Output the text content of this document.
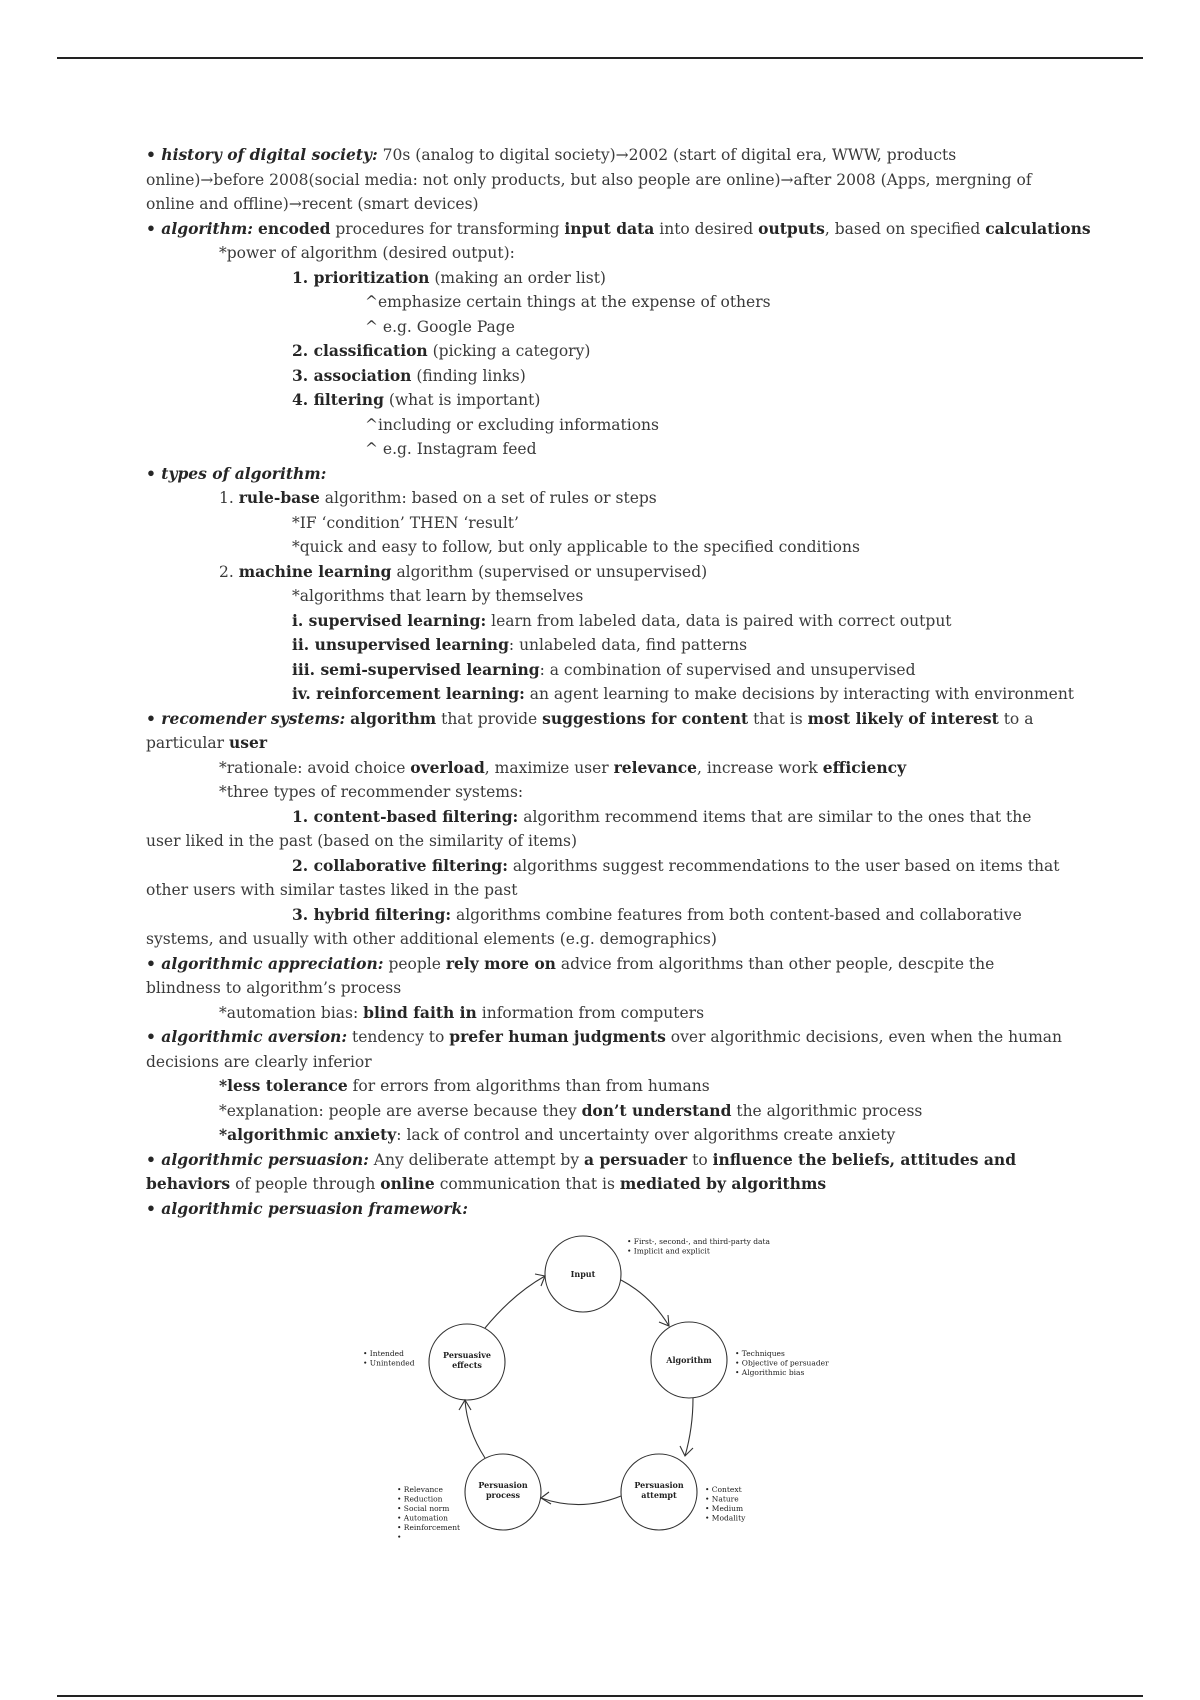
• history of digital society: 70s (analog to digital society)→2002 (start of digital era, WWW, products
online)→before 2008(social media: not only products, but also people are online)→after 2008 (Apps, mergning of
online and offline)→recent (smart devices)
• algorithm: encoded procedures for transforming input data into desired outputs, based on specified calculations
*power of algorithm (desired output):
1. prioritization (making an order list)
^emphasize certain things at the expense of others
^ e.g. Google Page
2. classification (picking a category)
3. association (finding links)
4. filtering (what is important)
^including or excluding informations
^ e.g. Instagram feed
• types of algorithm:
1. rule-base algorithm: based on a set of rules or steps
*IF ‘condition’ THEN ‘result’
*quick and easy to follow, but only applicable to the specified conditions
2. machine learning algorithm (supervised or unsupervised)
*algorithms that learn by themselves
i. supervised learning: learn from labeled data, data is paired with correct output
ii. unsupervised learning: unlabeled data, find patterns
iii. semi-supervised learning: a combination of supervised and unsupervised
iv. reinforcement learning: an agent learning to make decisions by interacting with environment
• recomender systems: algorithm that provide suggestions for content that is most likely of interest to a particular user
*rationale: avoid choice overload, maximize user relevance, increase work efficiency
*three types of recommender systems:
1. content-based filtering: algorithm recommend items that are similar to the ones that the user liked in the past (based on the similarity of items)
2. collaborative filtering: algorithms suggest recommendations to the user based on items that other users with similar tastes liked in the past
3. hybrid filtering: algorithms combine features from both content-based and collaborative systems, and usually with other additional elements (e.g. demographics)
• algorithmic appreciation: people rely more on advice from algorithms than other people, descpite the blindness to algorithm’s process
*automation bias: blind faith in information from computers
• algorithmic aversion: tendency to prefer human judgments over algorithmic decisions, even when the human decisions are clearly inferior
*less tolerance for errors from algorithms than from humans
*explanation: people are averse because they don’t understand the algorithmic process
*algorithmic anxiety: lack of control and uncertainty over algorithms create anxiety
• algorithmic persuasion: Any deliberate attempt by a persuader to influence the beliefs, attitudes and behaviors of people through online communication that is mediated by algorithms
• algorithmic persuasion framework:
Input
Algorithm
Persuasion
attempt
Persuasion
process
Persuasive
effects
• First-, second-, and third-party data
• Implicit and explicit
• Techniques
• Objective of persuader
• Algorithmic bias
• Context
• Nature
• Medium
• Modality
• Relevance
• Reduction
• Social norm
• Automation
• Reinforcement
•
• Intended
• Unintended
